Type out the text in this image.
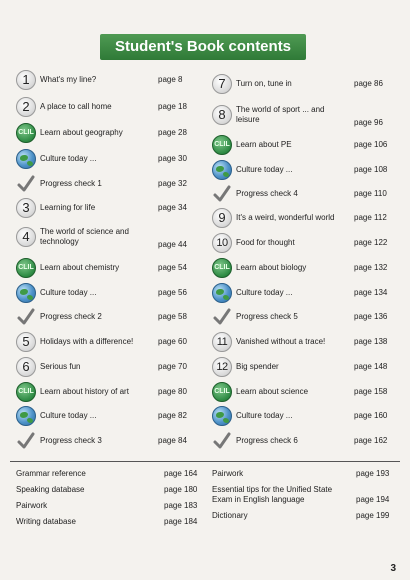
Student's Book contents
1	What's my line?	page 8
2	A place to call home	page 18
CLIL Learn about geography	page 28
Culture today ...	page 30
Progress check 1	page 32
3	Learning for life	page 34
4	The world of science and technology	page 44
CLIL Learn about chemistry	page 54
Culture today ...	page 56
Progress check 2	page 58
5	Holidays with a difference!	page 60
6	Serious fun	page 70
CLIL Learn about history of art	page 80
Culture today ...	page 82
Progress check 3	page 84
7	Turn on, tune in	page 86
8	The world of sport ... and leisure	page 96
CLIL Learn about PE	page 106
Culture today ...	page 108
Progress check 4	page 110
9	It's a weird, wonderful world page 112
10	Food for thought	page 122
CLIL Learn about biology	page 132
Culture today ...	page 134
Progress check 5	page 136
11	Vanished without a trace!	page 138
12	Big spender	page 148
CLIL Learn about science	page 158
Culture today ...	page 160
Progress check 6	page 162
Grammar reference	page 164
Speaking database	page 180
Pairwork	page 183
Writing database	page 184
Pairwork	page 193
Essential tips for the Unified State Exam in English language	page 194
Dictionary	page 199
3
